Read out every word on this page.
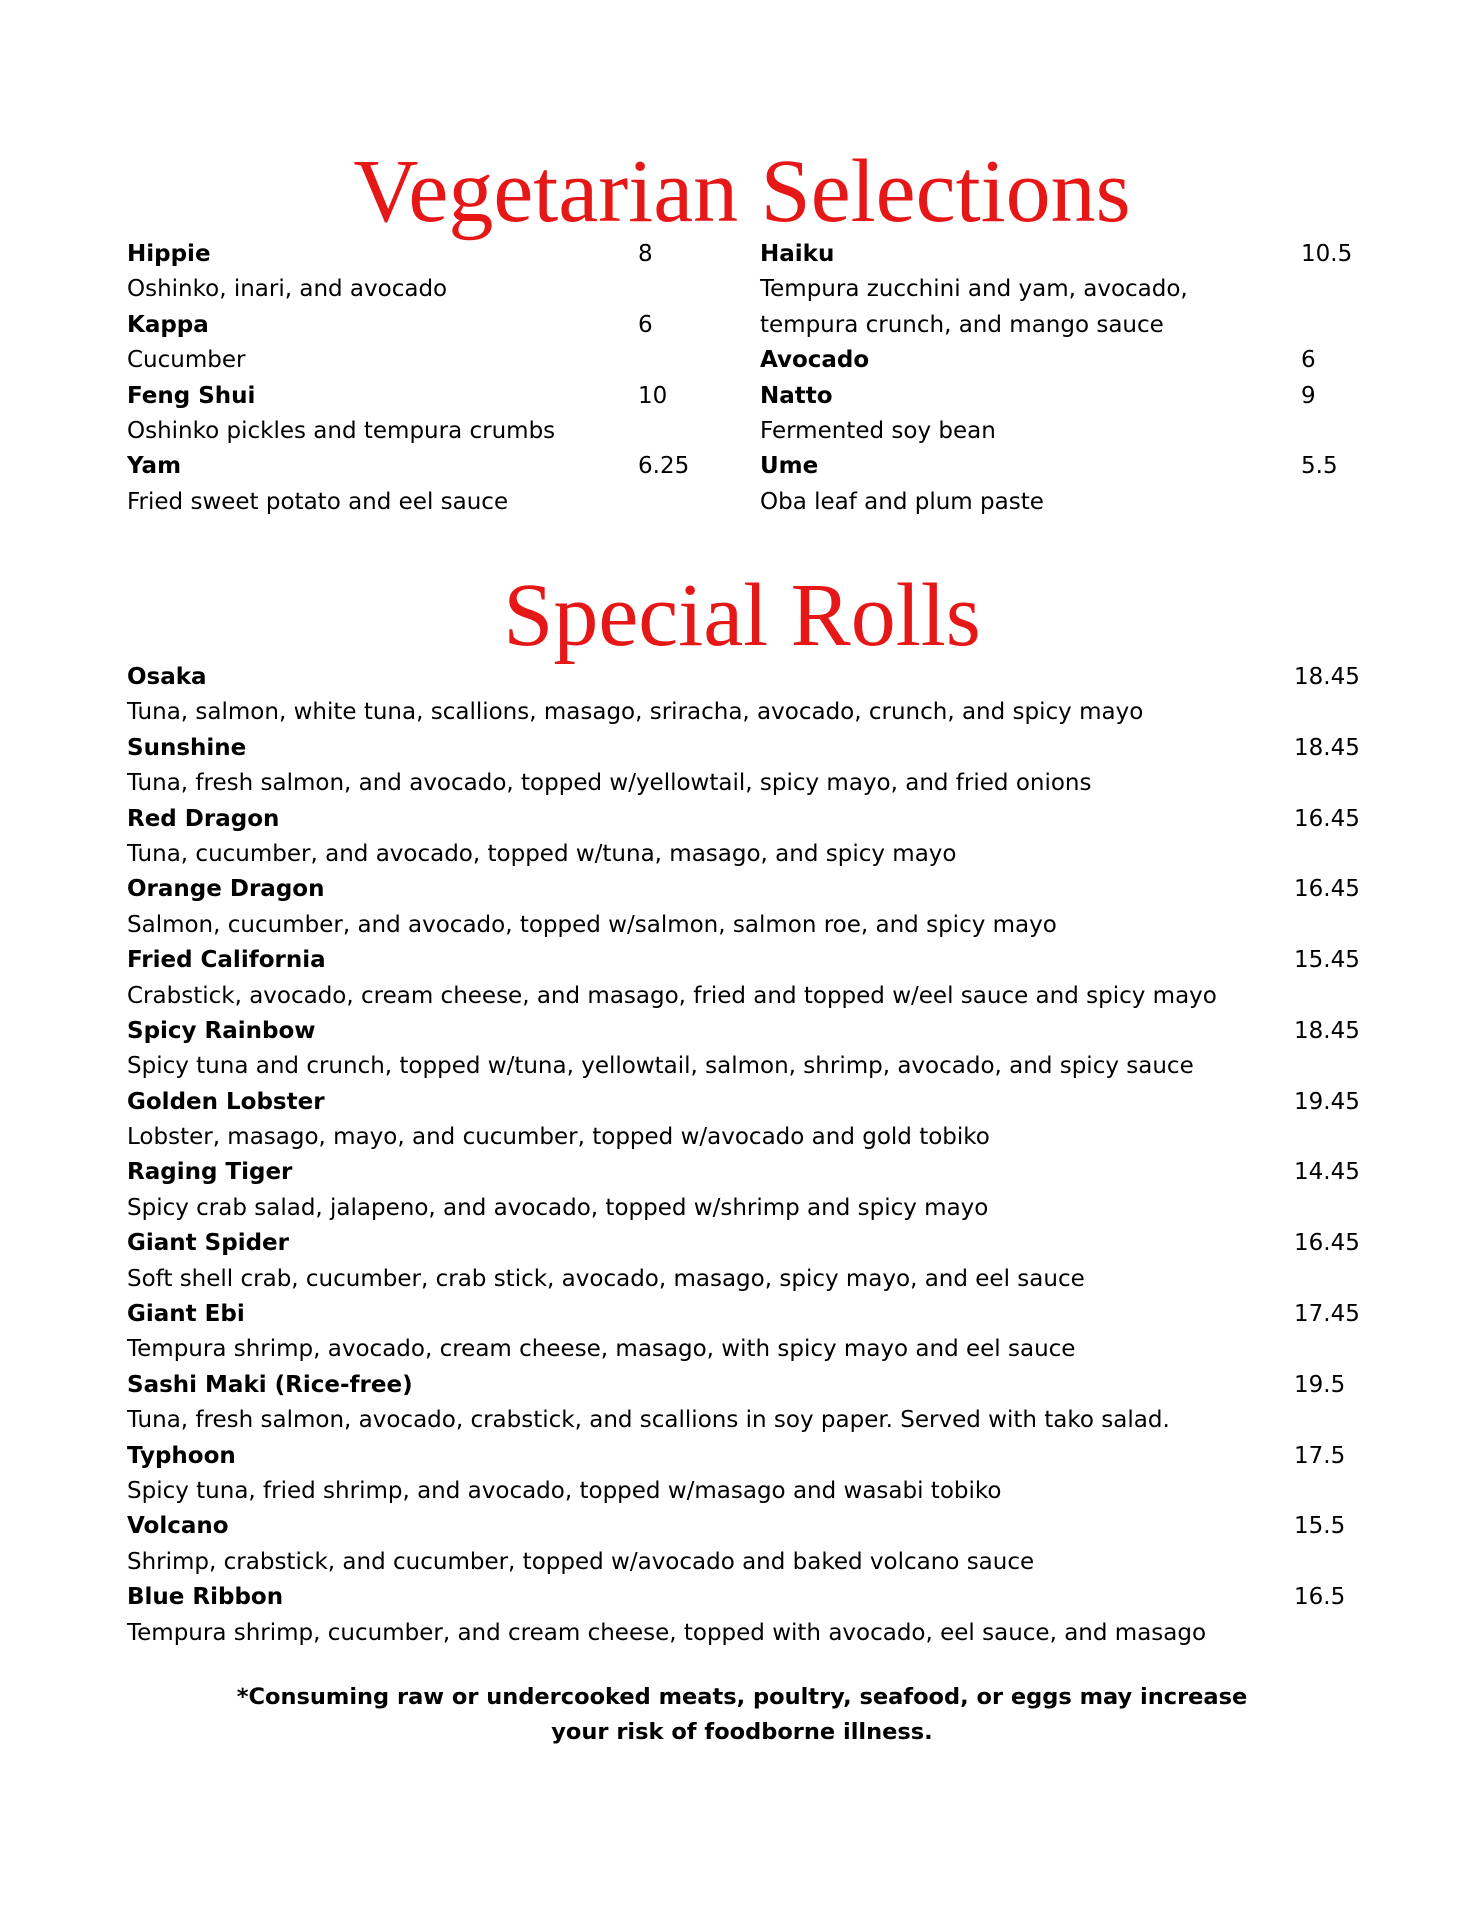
Vegetarian Selections
Hippie	8
Oshinko, inari, and avocado
Kappa	6
Cucumber
Feng Shui	10
Oshinko pickles and tempura crumbs
Yam	6.25
Fried sweet potato and eel sauce
Haiku	10.5
Tempura zucchini and yam, avocado,
tempura crunch, and mango sauce
Avocado	6
Natto	9
Fermented soy bean
Ume	5.5
Oba leaf and plum paste
Special Rolls
Osaka	18.45
Tuna, salmon, white tuna, scallions, masago, sriracha, avocado, crunch, and spicy mayo
Sunshine	18.45
Tuna, fresh salmon, and avocado, topped w/yellowtail, spicy mayo, and fried onions
Red Dragon	16.45
Tuna, cucumber, and avocado, topped w/tuna, masago, and spicy mayo
Orange Dragon	16.45
Salmon, cucumber, and avocado, topped w/salmon, salmon roe, and spicy mayo
Fried California	15.45
Crabstick, avocado, cream cheese, and masago, fried and topped w/eel sauce and spicy mayo
Spicy Rainbow	18.45
Spicy tuna and crunch, topped w/tuna, yellowtail, salmon, shrimp, avocado, and spicy sauce
Golden Lobster	19.45
Lobster, masago, mayo, and cucumber, topped w/avocado and gold tobiko
Raging Tiger	14.45
Spicy crab salad, jalapeno, and avocado, topped w/shrimp and spicy mayo
Giant Spider	16.45
Soft shell crab, cucumber, crab stick, avocado, masago, spicy mayo, and eel sauce
Giant Ebi	17.45
Tempura shrimp, avocado, cream cheese, masago, with spicy mayo and eel sauce
Sashi Maki (Rice-free)	19.5
Tuna, fresh salmon, avocado, crabstick, and scallions in soy paper. Served with tako salad.
Typhoon	17.5
Spicy tuna, fried shrimp, and avocado, topped w/masago and wasabi tobiko
Volcano	15.5
Shrimp, crabstick, and cucumber, topped w/avocado and baked volcano sauce
Blue Ribbon	16.5
Tempura shrimp, cucumber, and cream cheese, topped with avocado, eel sauce, and masago
*Consuming raw or undercooked meats, poultry, seafood, or eggs may increase
your risk of foodborne illness.
